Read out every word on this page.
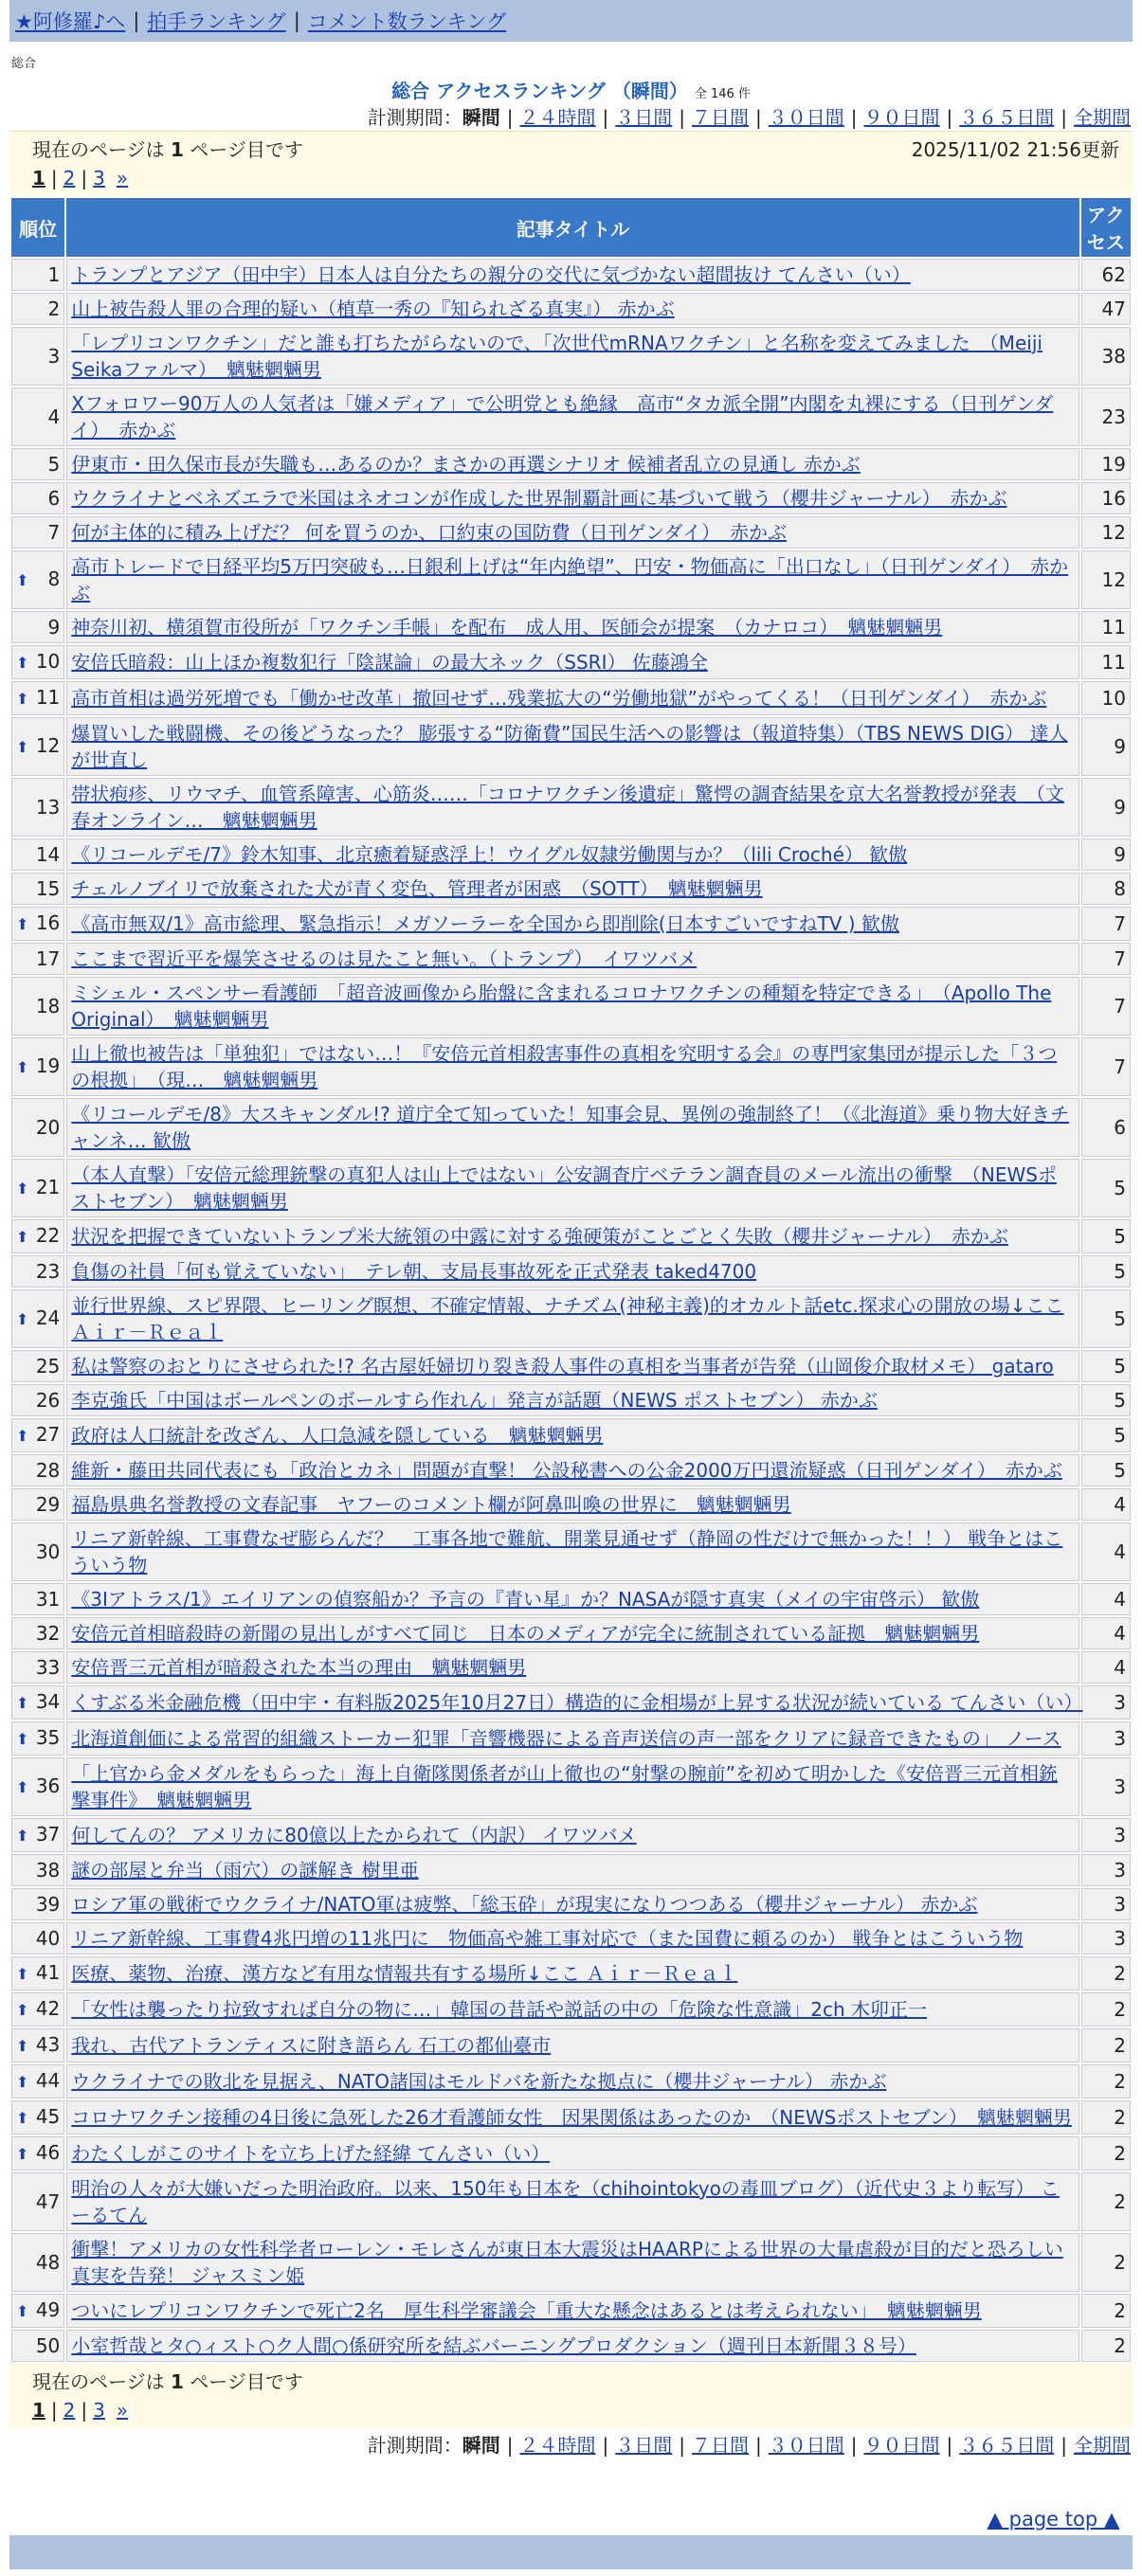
★阿修羅♪へ | 拍手ランキング | コメント数ランキング
総合
総合 アクセスランキング （瞬間） 全 146 件
計測期間：瞬間 | ２４時間 | ３日間 | ７日間 | ３０日間 | ９０日間 | ３６５日間 | 全期間
現在のページは 1 ページ目です	2025/11/02 21:56更新
1 | 2 | 3 »
順位	記事タイトル	アクセス
1	トランプとアジア（田中宇）日本人は自分たちの親分の交代に気づかない超間抜け てんさい（い）	62
2	山上被告殺人罪の合理的疑い（植草一秀の『知られざる真実』） 赤かぶ	47
3	「レプリコンワクチン」だと誰も打ちたがらないので、「次世代mRNAワクチン」と名称を変えてみました　（Meiji Seikaファルマ）　魑魅魍魎男	38
4	Xフォロワー90万人の人気者は「嫌メディア」で公明党とも絶縁　高市“タカ派全開”内閣を丸裸にする（日刊ゲンダイ）　赤かぶ	23
5	伊東市・田久保市長が失職も…あるのか？まさかの再選シナリオ 候補者乱立の見通し 赤かぶ	19
6	ウクライナとベネズエラで米国はネオコンが作成した世界制覇計画に基づいて戦う（櫻井ジャーナル）　赤かぶ	16
7	何が主体的に積み上げだ？ 何を買うのか、口約束の国防費（日刊ゲンダイ）　赤かぶ	12

⬆ 8	高市トレードで日経平均5万円突破も…日銀利上げは“年内絶望”、円安・物価高に「出口なし」（日刊ゲンダイ）　赤かぶ	12
9	神奈川初、横須賀市役所が「ワクチン手帳」を配布　成人用、医師会が提案　（カナロコ）　魑魅魍魎男	11

⬆ 10	安倍氏暗殺：山上ほか複数犯行「陰謀論」の最大ネック（SSRI） 佐藤鴻全	11

⬆ 11	高市首相は過労死増でも「働かせ改革」撤回せず…残業拡大の“労働地獄”がやってくる！（日刊ゲンダイ）　赤かぶ	10

⬆ 12	爆買いした戦闘機、その後どうなった？ 膨張する“防衛費”国民生活への影響は（報道特集）（TBS NEWS DIG） 達人が世直し	9
13	帯状疱疹、リウマチ、血管系障害、心筋炎……「コロナワクチン後遺症」驚愕の調査結果を京大名誉教授が発表　（文春オンライン…　魑魅魍魎男	9
14	《リコールデモ/7》鈴木知事、北京癒着疑惑浮上！ウイグル奴隷労働関与か？（lili Croché） 歓傲	9
15	チェルノブイリで放棄された犬が青く変色、管理者が困惑　（SOTT）　魑魅魍魎男	8

⬆ 16	《高市無双/1》高市総理、緊急指示！メガソーラーを全国から即削除(日本すごいですねTV ) 歓傲	7
17	ここまで習近平を爆笑させるのは見たこと無い。（トランプ）　イワツバメ	7
18	ミシェル・スペンサー看護師　「超音波画像から胎盤に含まれるコロナワクチンの種類を特定できる」　（Apollo The Original）　魑魅魍魎男	7

⬆ 19	山上徹也被告は「単独犯」ではない…！『安倍元首相殺害事件の真相を究明する会』の専門家集団が提示した「３つの根拠」　（現…　魑魅魍魎男	7
20	《リコールデモ/8》大スキャンダル!? 道庁全て知っていた！知事会見、異例の強制終了！（《北海道》乗り物大好きチャンネ… 歓傲	6

⬆ 21	（本人直撃）「安倍元総理銃撃の真犯人は山上ではない」公安調査庁ベテラン調査員のメール流出の衝撃　（NEWSポストセブン）　魑魅魍魎男	5

⬆ 22	状況を把握できていないトランプ米大統領の中露に対する強硬策がことごとく失敗（櫻井ジャーナル）　赤かぶ	5
23	負傷の社員「何も覚えていない」　テレ朝、支局長事故死を正式発表 taked4700	5

⬆ 24	並行世界線、スピ界隈、ヒーリング瞑想、不確定情報、ナチズム(神秘主義)的オカルト話etc.探求心の開放の場↓ここＡｉｒ－Ｒｅａｌ	5
25	私は警察のおとりにさせられた!? 名古屋妊婦切り裂き殺人事件の真相を当事者が告発（山岡俊介取材メモ） gataro	5
26	李克強氏「中国はボールペンのボールすら作れん」発言が話題（NEWS ポストセブン） 赤かぶ	5

⬆ 27	政府は人口統計を改ざん、人口急減を隠している　魑魅魍魎男	5
28	維新・藤田共同代表にも「政治とカネ」問題が直撃！ 公設秘書への公金2000万円還流疑惑（日刊ゲンダイ）　赤かぶ	5
29	福島県典名誉教授の文春記事　ヤフーのコメント欄が阿鼻叫喚の世界に　魑魅魍魎男	4
30	リニア新幹線、工事費なぜ膨らんだ？　工事各地で難航、開業見通せず（静岡の性だけで無かった！！） 戦争とはこういう物	4
31	《3Iアトラス/1》エイリアンの偵察船か？予言の『青い星』か？NASAが隠す真実（メイの宇宙啓示） 歓傲	4
32	安倍元首相暗殺時の新聞の見出しがすべて同じ　日本のメディアが完全に統制されている証拠　魑魅魍魎男	4
33	安倍晋三元首相が暗殺された本当の理由　魑魅魍魎男	4

⬆ 34	くすぶる米金融危機（田中宇・有料版2025年10月27日）構造的に金相場が上昇する状況が続いている てんさい（い）	3

⬆ 35	北海道創価による常習的組織ストーカー犯罪「音響機器による音声送信の声一部をクリアに録音できたもの」 ノース	3

⬆ 36	「上官から金メダルをもらった」海上自衛隊関係者が山上徹也の“射撃の腕前”を初めて明かした《安倍晋三元首相銃撃事件》　魑魅魍魎男	3

⬆ 37	何してんの？ アメリカに80億以上たかられて（内訳） イワツバメ	3
38	謎の部屋と弁当（雨穴）の謎解き 樹里亜	3
39	ロシア軍の戦術でウクライナ/NATO軍は疲弊、「総玉砕」が現実になりつつある（櫻井ジャーナル） 赤かぶ	3
40	リニア新幹線、工事費4兆円増の11兆円に　物価高や雑工事対応で（また国費に頼るのか） 戦争とはこういう物	3

⬆ 41	医療、薬物、治療、漢方など有用な情報共有する場所↓ここ Ａｉｒ－Ｒｅａｌ	2

⬆ 42	「女性は襲ったり拉致すれば自分の物に…」韓国の昔話や説話の中の「危険な性意識」2ch 木卯正一	2

⬆ 43	我れ、古代アトランティスに附き語らん 石工の都仙臺市	2

⬆ 44	ウクライナでの敗北を見据え、NATO諸国はモルドバを新たな拠点に（櫻井ジャーナル） 赤かぶ	2

⬆ 45	コロナワクチン接種の4日後に急死した26才看護師女性　因果関係はあったのか　（NEWSポストセブン）　魑魅魍魎男	2

⬆ 46	わたくしがこのサイトを立ち上げた経緯 てんさい（い）	2
47	明治の人々が大嫌いだった明治政府。以来、150年も日本を（chihointokyoの毒皿ブログ）（近代史３より転写） こーるてん	2
48	衝撃！アメリカの女性科学者ローレン・モレさんが東日本大震災はHAARPによる世界の大量虐殺が目的だと恐ろしい真実を告発！ ジャスミン姫	2

⬆ 49	ついにレプリコンワクチンで死亡2名　厚生科学審議会「重大な懸念はあるとは考えられない」　魑魅魍魎男	2
50	小室哲哉とタ○ィスト○ク人間○係研究所を結ぶバーニングプロダクション（週刊日本新聞３８号）	2
現在のページは 1 ページ目です
1 | 2 | 3 »
計測期間：瞬間 | ２４時間 | ３日間 | ７日間 | ３０日間 | ９０日間 | ３６５日間 | 全期間
▲ page top ▲
